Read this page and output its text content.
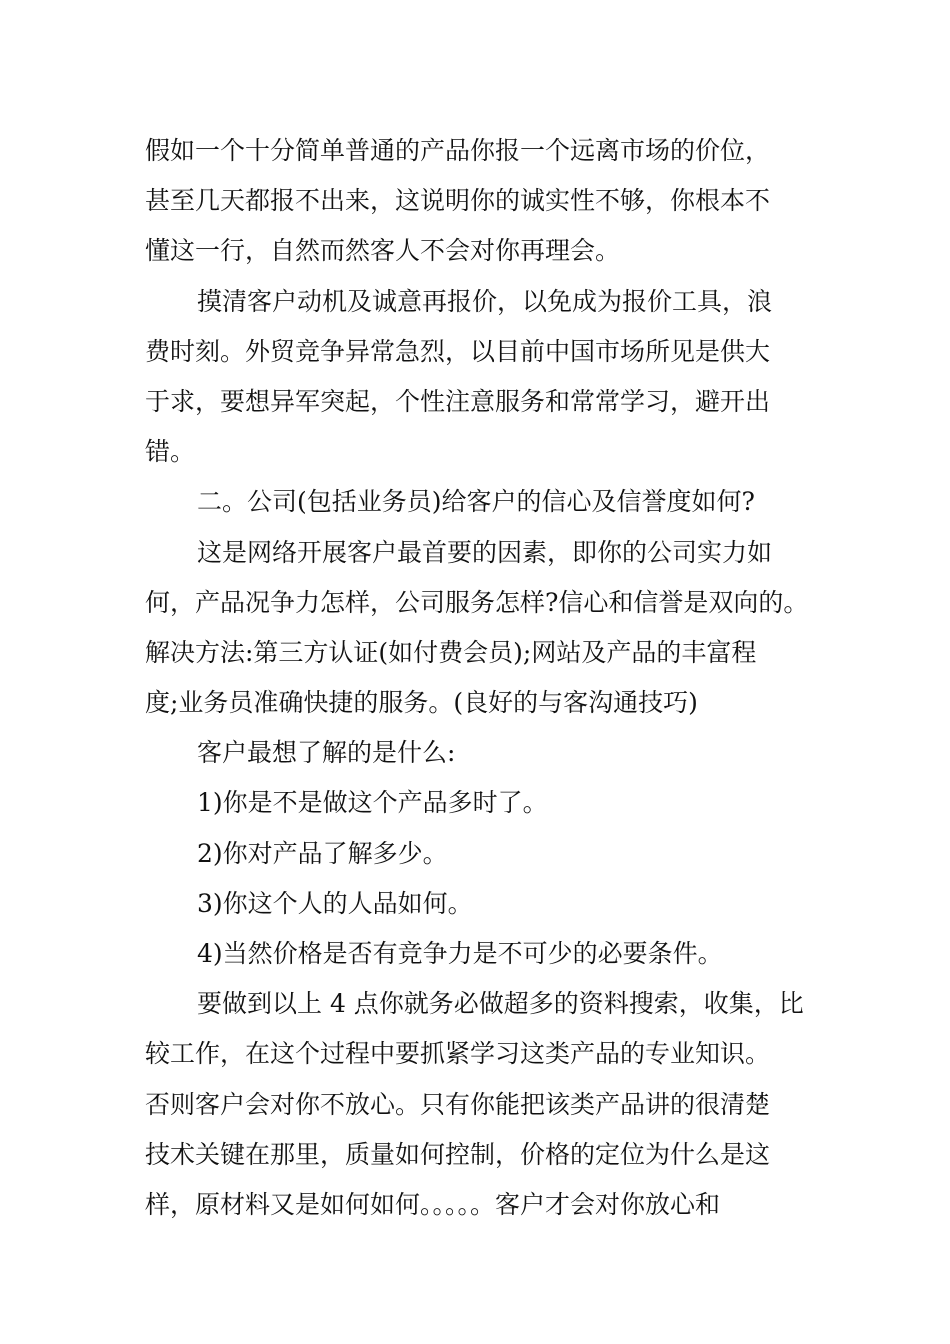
假如一个十分简单普通的产品你报一个远离市场的价位，
甚至几天都报不出来，这说明你的诚实性不够，你根本不
懂这一行，自然而然客人不会对你再理会。
摸清客户动机及诚意再报价，以免成为报价工具，浪
费时刻。外贸竞争异常急烈，以目前中国市场所见是供大
于求，要想异军突起，个性注意服务和常常学习，避开出
错。
二。公司(包括业务员)给客户的信心及信誉度如何?
这是网络开展客户最首要的因素，即你的公司实力如
何，产品况争力怎样，公司服务怎样?信心和信誉是双向的。
解决方法:第三方认证(如付费会员);网站及产品的丰富程
度;业务员准确快捷的服务。(良好的与客沟通技巧)
客户最想了解的是什么:
1)你是不是做这个产品多时了。
2)你对产品了解多少。
3)你这个人的人品如何。
4)当然价格是否有竞争力是不可少的必要条件。
要做到以上 4 点你就务必做超多的资料搜索，收集，比
较工作，在这个过程中要抓紧学习这类产品的专业知识。
否则客户会对你不放心。只有你能把该类产品讲的很清楚
技术关键在那里，质量如何控制，价格的定位为什么是这
样，原材料又是如何如何。。。。。客户才会对你放心和
